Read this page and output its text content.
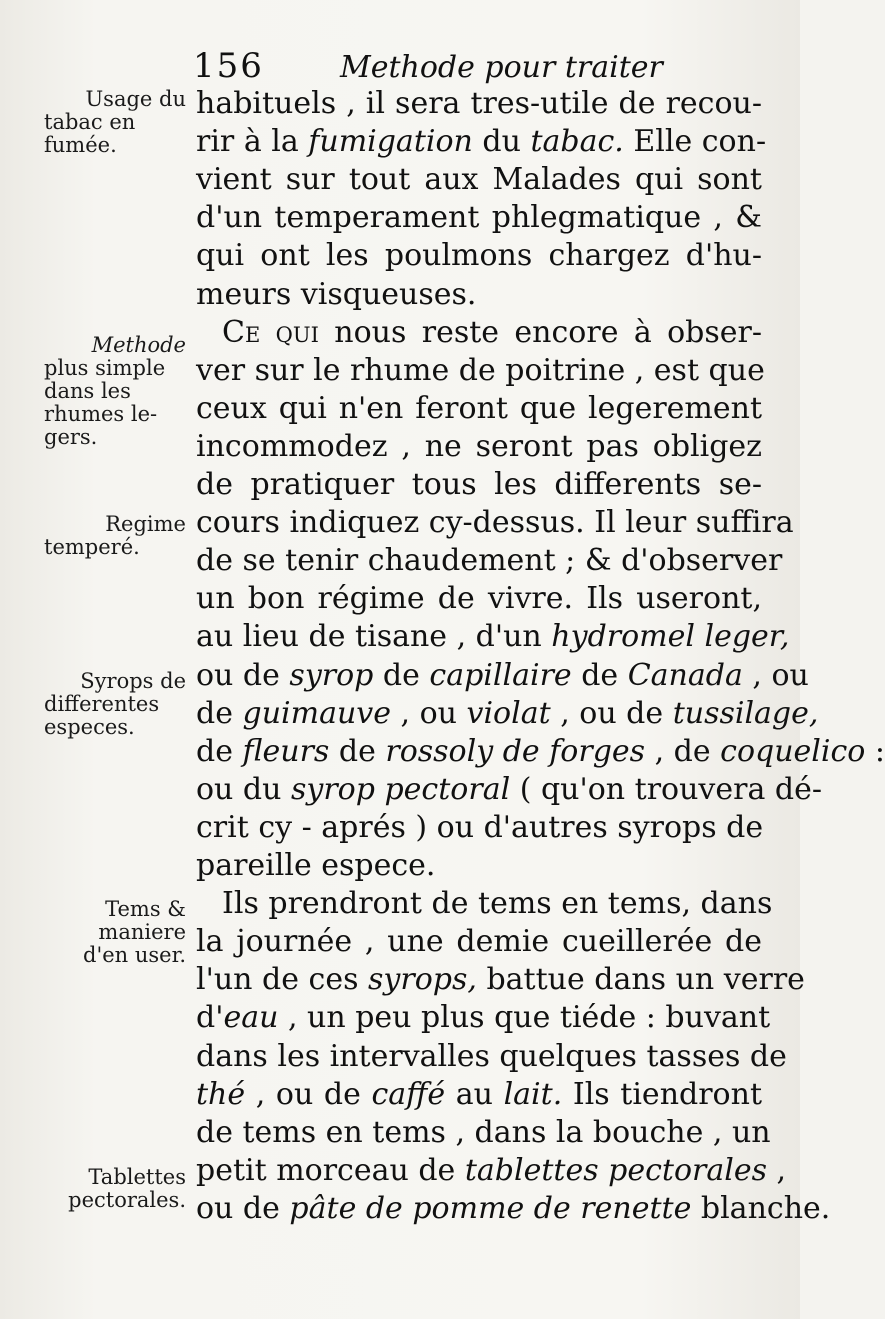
156	Methode pour traiter
Usage du
tabac en
fumée.
Methode
plus simple
dans les
rhumes le-
gers.
Regime
temperé.
Syrops de
differentes
especes.
Tems &
maniere
d'en user.
Tablettes
pectorales.
habituels , il sera tres-utile de recou-
rir à la fumigation du tabac. Elle con-
vient sur tout aux Malades qui sont
d'un temperament phlegmatique , &
qui ont les poulmons chargez d'hu-
meurs visqueuses.
Ce qui nous reste encore à obser-
ver sur le rhume de poitrine , est que
ceux qui n'en feront que legerement
incommodez , ne seront pas obligez
de pratiquer tous les differents se-
cours indiquez cy-dessus. Il leur suffira
de se tenir chaudement ; & d'observer
un bon régime de vivre. Ils useront,
au lieu de tisane , d'un hydromel leger,
ou de syrop de capillaire de Canada , ou
de guimauve , ou violat , ou de tussilage,
de fleurs de rossoly de forges , de coquelico :
ou du syrop pectoral ( qu'on trouvera dé-
crit cy - aprés ) ou d'autres syrops de
pareille espece.
Ils prendront de tems en tems, dans
la journée , une demie cueillerée de
l'un de ces syrops, battue dans un verre
d'eau , un peu plus que tiéde : buvant
dans les intervalles quelques tasses de
thé , ou de caffé au lait. Ils tiendront
de tems en tems , dans la bouche , un
petit morceau de tablettes pectorales ,
ou de pâte de pomme de renette blanche.
